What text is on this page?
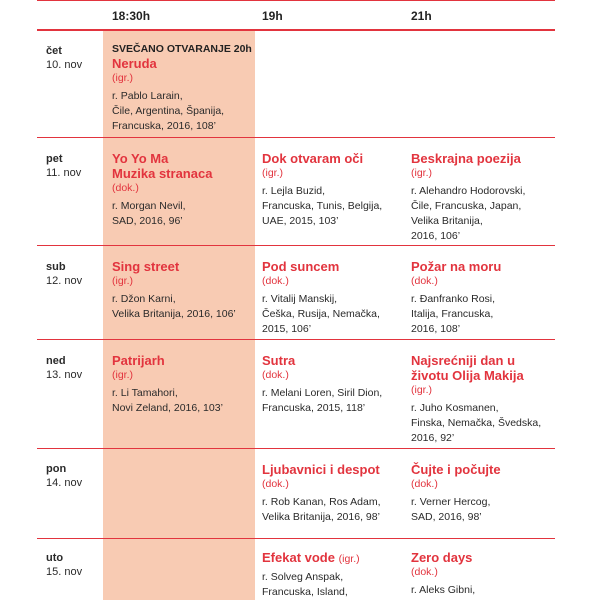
18:30h	19h	21h
čet
10. nov
SVEČANO OTVARANJE 20h
Neruda
(igr.)
r. Pablo Larain,
Čile, Argentina, Španija,
Francuska, 2016, 108’
pet
11. nov
Yo Yo Ma
Muzika stranaca
(dok.)
r. Morgan Nevil,
SAD, 2016, 96’
Dok otvaram oči
(igr.)
r. Lejla Buzid,
Francuska, Tunis, Belgija,
UAE, 2015, 103’
Beskrajna poezija
(igr.)
r. Alehandro Hodorovski,
Čile, Francuska, Japan,
Velika Britanija,
2016, 106’
sub
12. nov
Sing street
(igr.)
r. Džon Karni,
Velika Britanija, 2016, 106’
Pod suncem
(dok.)
r. Vitalij Manskij,
Češka, Rusija, Nemačka,
2015, 106’
Požar na moru
(dok.)
r. Đanfranko Rosi,
Italija, Francuska,
2016, 108’
ned
13. nov
Patrijarh
(igr.)
r. Li Tamahori,
Novi Zeland, 2016, 103’
Sutra
(dok.)
r. Melani Loren, Siril Dion,
Francuska, 2015, 118’
Najsrećniji dan u
životu Olija Makija
(igr.)
r. Juho Kosmanen,
Finska, Nemačka, Švedska,
2016, 92’
pon
14. nov
Ljubavnici i despot
(dok.)
r. Rob Kanan, Ros Adam,
Velika Britanija, 2016, 98’
Čujte i počujte
(dok.)
r. Verner Hercog,
SAD, 2016, 98’
uto
15. nov
Efekat vode (igr.)
r. Solveg Anspak,
Francuska, Island,
Zero days
(dok.)
r. Aleks Gibni,
